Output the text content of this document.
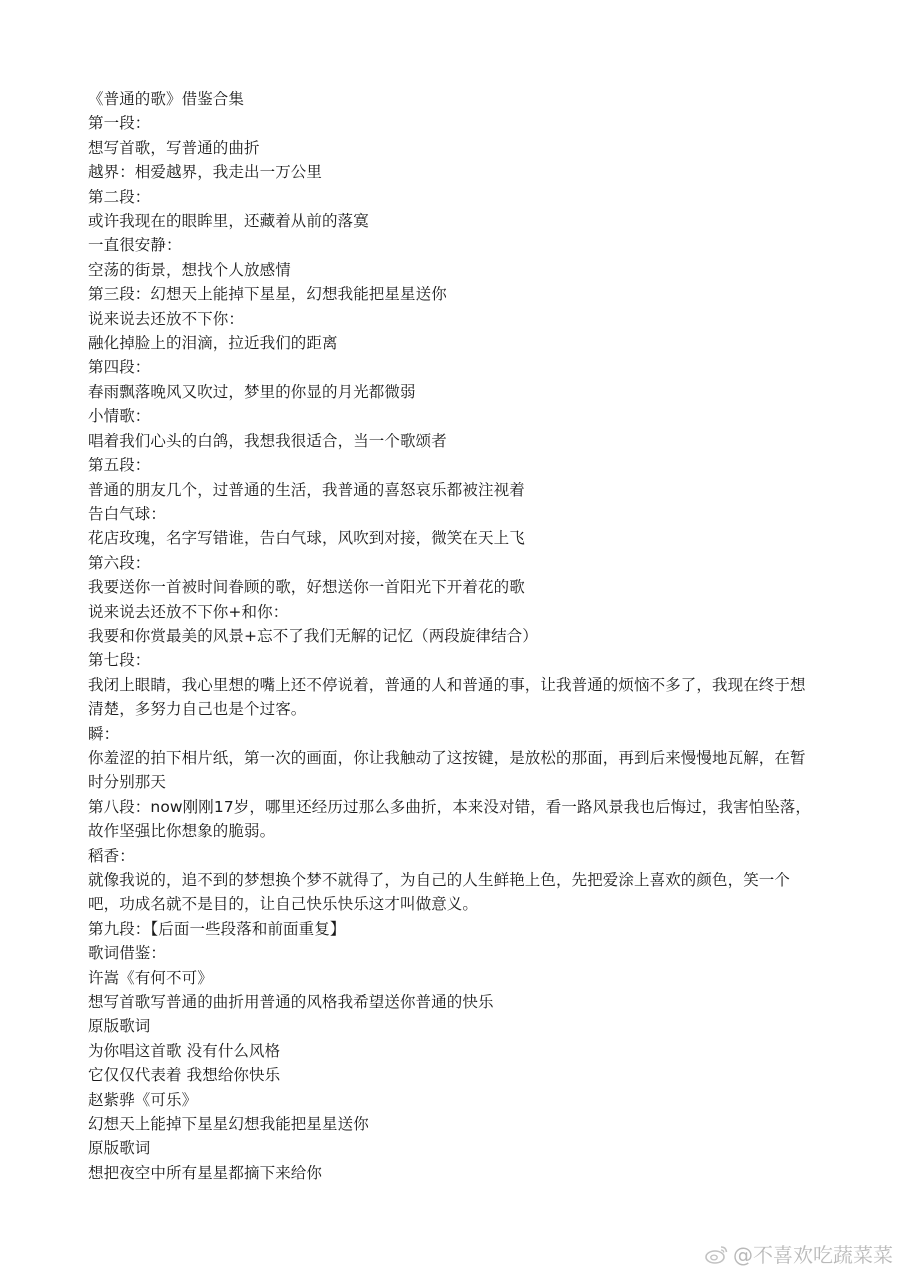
《普通的歌》借鉴合集
第一段：
想写首歌，写普通的曲折
越界：相爱越界，我走出一万公里
第二段：
或许我现在的眼眸里，还藏着从前的落寞
一直很安静：
空荡的街景，想找个人放感情
第三段：幻想天上能掉下星星，幻想我能把星星送你
说来说去还放不下你：
融化掉脸上的泪滴，拉近我们的距离
第四段：
春雨飘落晚风又吹过，梦里的你显的月光都微弱
小情歌：
唱着我们心头的白鸽，我想我很适合，当一个歌颂者
第五段：
普通的朋友几个，过普通的生活，我普通的喜怒哀乐都被注视着
告白气球：
花店玫瑰，名字写错谁，告白气球，风吹到对接，微笑在天上飞
第六段：
我要送你一首被时间眷顾的歌，好想送你一首阳光下开着花的歌
说来说去还放不下你+和你：
我要和你赏最美的风景+忘不了我们无解的记忆（两段旋律结合）
第七段：
我闭上眼睛，我心里想的嘴上还不停说着，普通的人和普通的事，让我普通的烦恼不多了，我现在终于想清楚，多努力自己也是个过客。
瞬：
你羞涩的拍下相片纸，第一次的画面，你让我触动了这按键，是放松的那面，再到后来慢慢地瓦解，在暂时分别那天
第八段：now刚刚17岁，哪里还经历过那么多曲折，本来没对错，看一路风景我也后悔过，我害怕坠落，故作坚强比你想象的脆弱。
稻香：
就像我说的，追不到的梦想换个梦不就得了，为自己的人生鲜艳上色，先把爱涂上喜欢的颜色，笑一个吧，功成名就不是目的，让自己快乐快乐这才叫做意义。
第九段：【后面一些段落和前面重复】
歌词借鉴：
许嵩《有何不可》
想写首歌写普通的曲折用普通的风格我希望送你普通的快乐
原版歌词
为你唱这首歌 没有什么风格
它仅仅代表着 我想给你快乐
赵紫骅《可乐》
幻想天上能掉下星星幻想我能把星星送你
原版歌词
想把夜空中所有星星都摘下来给你
@不喜欢吃蔬菜菜
